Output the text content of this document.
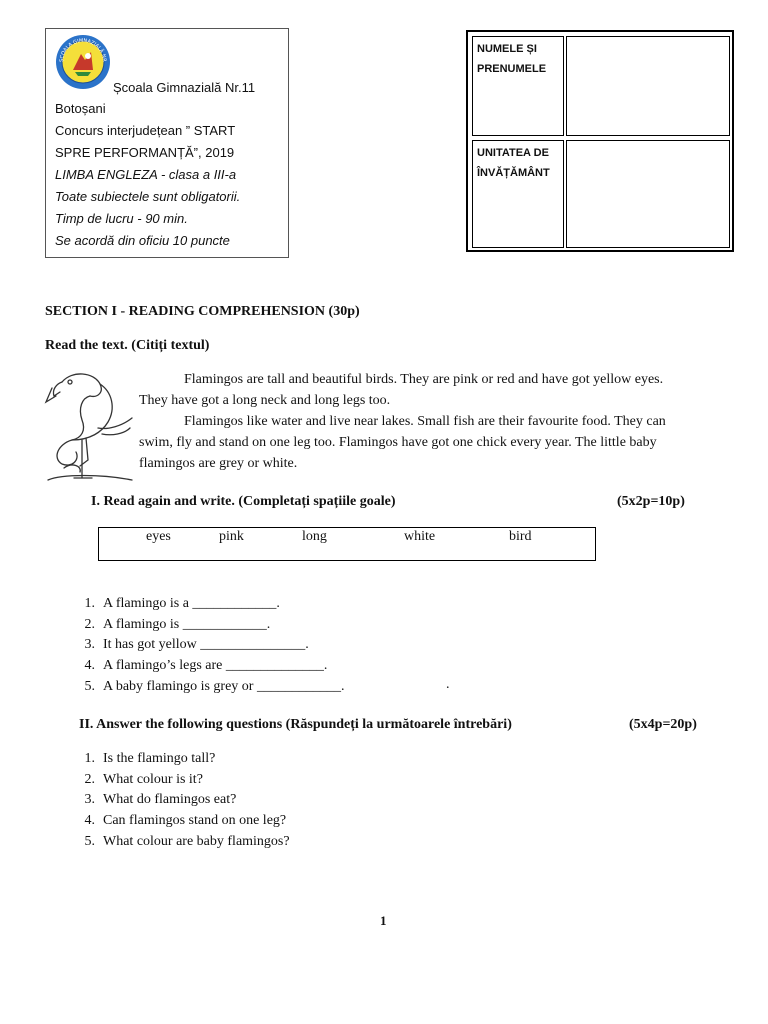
ȘCOALA GIMNAZIALĂ NR
Școala Gimnazială Nr.11
Botoșani
Concurs interjudețean ” START
SPRE PERFORMANȚĂ”, 2019
LIMBA ENGLEZA - clasa a III-a
Toate subiectele sunt obligatorii.
Timp de lucru - 90 min.
Se acordă din oficiu 10 puncte
NUMELE ȘI
PRENUMELE
UNITATEA DE
ÎNVĂȚĂMÂNT
SECTION I - READING COMPREHENSION (30p)
Read the text. (Citiți textul)
Flamingos are tall and beautiful birds. They are pink or red and have got yellow eyes.
They have got a long neck and long legs too.
Flamingos like water and live near lakes. Small fish are their favourite food. They can
swim, fly and stand on one leg too. Flamingos have got one chick every year. The little baby
flamingos are grey or white.
I. Read again and write. (Completați spațiile goale)	(5x2p=10p)
eyes	pink	long	white	bird
1. A flamingo is a ____________.
2. A flamingo is ____________.
3. It has got yellow _______________.
4. A flamingo’s legs are ______________.
5. A baby flamingo is grey or ____________.	.
II. Answer the following questions (Răspundeți la următoarele întrebări)	(5x4p=20p)
1. Is the flamingo tall?
2. What colour is it?
3. What do flamingos eat?
4. Can flamingos stand on one leg?
5. What colour are baby flamingos?
1
